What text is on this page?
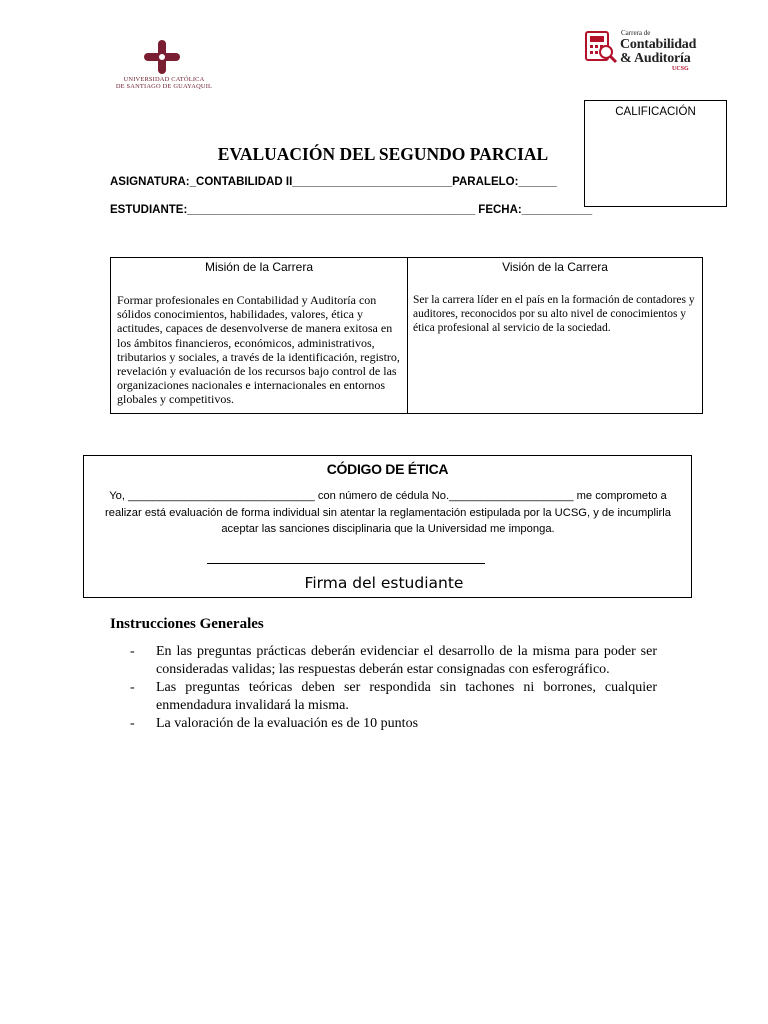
UNIVERSIDAD CATÓLICA
DE SANTIAGO DE GUAYAQUIL
Carrera de
Contabilidad
& Auditoría
UCSG
CALIFICACIÓN
EVALUACIÓN DEL SEGUNDO PARCIAL
ASIGNATURA:_CONTABILIDAD II_________________________PARALELO:______
ESTUDIANTE:_____________________________________________ FECHA:___________
Misión de la Carrera
Formar profesionales en Contabilidad y Auditoría con sólidos conocimientos, habilidades, valores, ética y actitudes, capaces de desenvolverse de manera exitosa en los ámbitos financieros, económicos, administrativos, tributarios y sociales, a través de la identificación, registro, revelación y evaluación de los recursos bajo control de las organizaciones nacionales e internacionales en entornos globales y competitivos.
Visión de la Carrera
Ser la carrera líder en el país en la formación de contadores y auditores, reconocidos por su alto nivel de conocimientos y ética profesional al servicio de la sociedad.
CÓDIGO DE ÉTICA
Yo, ______________________________ con número de cédula No.____________________ me comprometo a realizar está evaluación de forma individual sin atentar la reglamentación estipulada por la UCSG, y de incumplirla aceptar las sanciones disciplinaria que la Universidad me imponga.
Firma del estudiante
Instrucciones Generales
- En las preguntas prácticas deberán evidenciar el desarrollo de la misma para poder ser consideradas validas; las respuestas deberán estar consignadas con esferográfico.
- Las preguntas teóricas deben ser respondida sin tachones ni borrones, cualquier enmendadura invalidará la misma.
- La valoración de la evaluación es de 10 puntos
